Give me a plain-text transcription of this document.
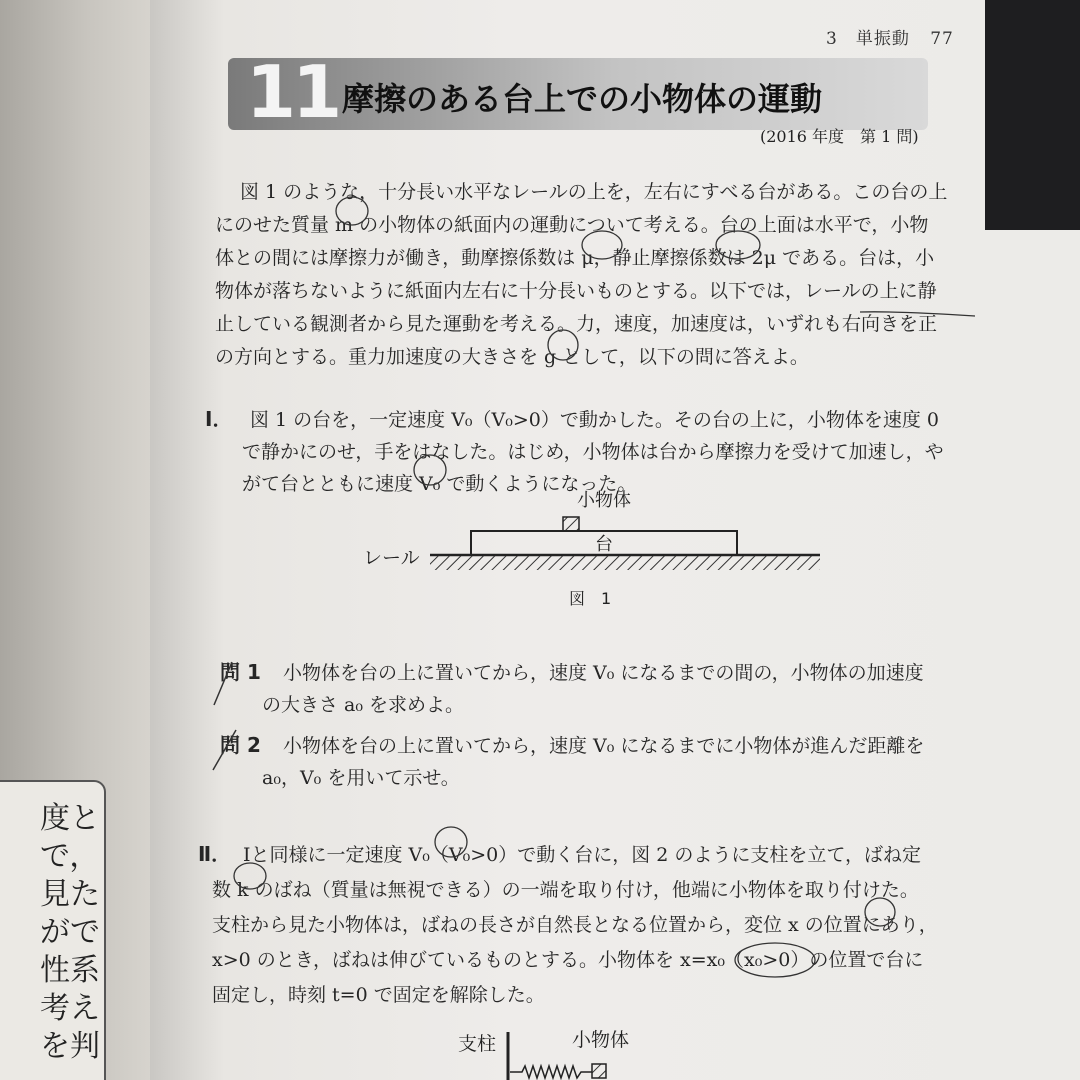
度と
で，
見た
がで
性系
考え
を判
3　単振動 77
11 摩擦のある台上での小物体の運動
(2016 年度　第 1 問)
図 1 のような，十分長い水平なレールの上を，左右にすべる台がある。この台の上
にのせた質量 m の小物体の紙面内の運動について考える。台の上面は水平で，小物
体との間には摩擦力が働き，動摩擦係数は μ，静止摩擦係数は 2μ である。台は，小
物体が落ちないように紙面内左右に十分長いものとする。以下では，レールの上に静
止している観測者から見た運動を考える。力，速度，加速度は，いずれも右向きを正
の方向とする。重力加速度の大きさを g として，以下の問に答えよ。
Ⅰ． 図 1 の台を，一定速度 V₀（V₀>0）で動かした。その台の上に，小物体を速度 0
で静かにのせ，手をはなした。はじめ，小物体は台から摩擦力を受けて加速し，や
がて台とともに速度 V₀ で動くようになった。
小物体
台
レール
図　1
問 1 小物体を台の上に置いてから，速度 V₀ になるまでの間の，小物体の加速度
の大きさ a₀ を求めよ。
問 2 小物体を台の上に置いてから，速度 V₀ になるまでに小物体が進んだ距離を
a₀，V₀ を用いて示せ。
Ⅱ． Ⅰと同様に一定速度 V₀（V₀>0）で動く台に，図 2 のように支柱を立て，ばね定
数 k のばね（質量は無視できる）の一端を取り付け，他端に小物体を取り付けた。
支柱から見た小物体は，ばねの長さが自然長となる位置から，変位 x の位置にあり，
x>0 のとき，ばねは伸びているものとする。小物体を x=x₀（x₀>0）の位置で台に
固定し，時刻 t=0 で固定を解除した。
支柱	小物体
